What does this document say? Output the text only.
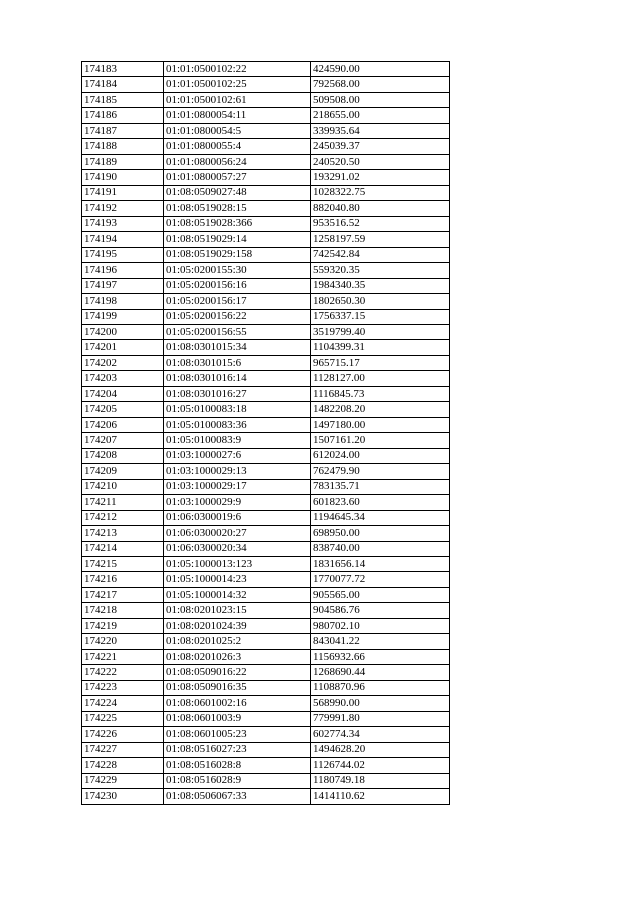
174183	01:01:0500102:22	424590.00
174184	01:01:0500102:25	792568.00
174185	01:01:0500102:61	509508.00
174186	01:01:0800054:11	218655.00
174187	01:01:0800054:5	339935.64
174188	01:01:0800055:4	245039.37
174189	01:01:0800056:24	240520.50
174190	01:01:0800057:27	193291.02
174191	01:08:0509027:48	1028322.75
174192	01:08:0519028:15	882040.80
174193	01:08:0519028:366	953516.52
174194	01:08:0519029:14	1258197.59
174195	01:08:0519029:158	742542.84
174196	01:05:0200155:30	559320.35
174197	01:05:0200156:16	1984340.35
174198	01:05:0200156:17	1802650.30
174199	01:05:0200156:22	1756337.15
174200	01:05:0200156:55	3519799.40
174201	01:08:0301015:34	1104399.31
174202	01:08:0301015:6	965715.17
174203	01:08:0301016:14	1128127.00
174204	01:08:0301016:27	1116845.73
174205	01:05:0100083:18	1482208.20
174206	01:05:0100083:36	1497180.00
174207	01:05:0100083:9	1507161.20
174208	01:03:1000027:6	612024.00
174209	01:03:1000029:13	762479.90
174210	01:03:1000029:17	783135.71
174211	01:03:1000029:9	601823.60
174212	01:06:0300019:6	1194645.34
174213	01:06:0300020:27	698950.00
174214	01:06:0300020:34	838740.00
174215	01:05:1000013:123	1831656.14
174216	01:05:1000014:23	1770077.72
174217	01:05:1000014:32	905565.00
174218	01:08:0201023:15	904586.76
174219	01:08:0201024:39	980702.10
174220	01:08:0201025:2	843041.22
174221	01:08:0201026:3	1156932.66
174222	01:08:0509016:22	1268690.44
174223	01:08:0509016:35	1108870.96
174224	01:08:0601002:16	568990.00
174225	01:08:0601003:9	779991.80
174226	01:08:0601005:23	602774.34
174227	01:08:0516027:23	1494628.20
174228	01:08:0516028:8	1126744.02
174229	01:08:0516028:9	1180749.18
174230	01:08:0506067:33	1414110.62
